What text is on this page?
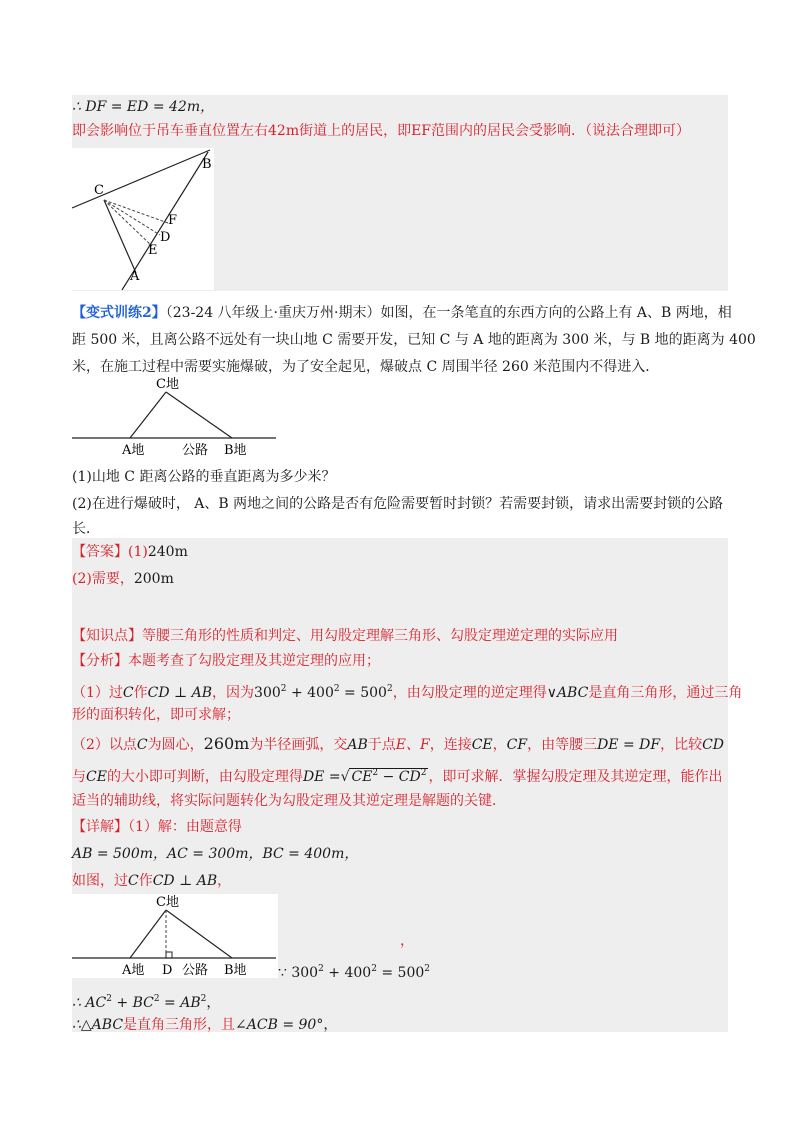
∴ DF = ED = 42m，
即会影响位于吊车垂直位置左右42m街道上的居民，即EF范围内的居民会受影响．（说法合理即可）
C
B
F
D
E
A
【变式训练2】（23-24 八年级上·重庆万州·期末）如图，在一条笔直的东西方向的公路上有 A、B 两地，相
距 500 米，且离公路不远处有一块山地 C 需要开发，已知 C 与 A 地的距离为 300 米，与 B 地的距离为 400
米，在施工过程中需要实施爆破，为了安全起见，爆破点 C 周围半径 260 米范围内不得进入．
C地
A地	公路 B地
(1)山地 C 距离公路的垂直距离为多少米？
(2)在进行爆破时， A、B 两地之间的公路是否有危险需要暂时封锁？若需要封锁，请求出需要封锁的公路
长．
【答案】(1)240m
(2)需要，200m
【知识点】等腰三角形的性质和判定、用勾股定理解三角形、勾股定理逆定理的实际应用
【分析】本题考查了勾股定理及其逆定理的应用；
（1）过C作CD ⊥ AB，因为$300^2 + 400^2 = 500^2$，由勾股定理的逆定理得∨ABC是直角三角形，通过三角
形的面积转化，即可求解；
（2）以点C为圆心，260m为半径画弧，交AB于点E、F，连接CE，CF，由等腰三DE = DF，比较CD
与CE的大小即可判断，由勾股定理得DE =√ $CE^2 - CD^2$ ，即可求解．掌握勾股定理及其逆定理，能作出
适当的辅助线，将实际问题转化为勾股定理及其逆定理是解题的关键．
【详解】（1）解：由题意得
AB = 500m，AC = 300m，BC = 400m，
如图，过C作CD ⊥ AB，
C地
A地 D 公路 B地
，
∵ $300^2 + 400^2 = 500^2$
∴ $AC^2 + BC^2 = AB^2$，
∴△ABC是直角三角形，且∠ACB = 90°，
